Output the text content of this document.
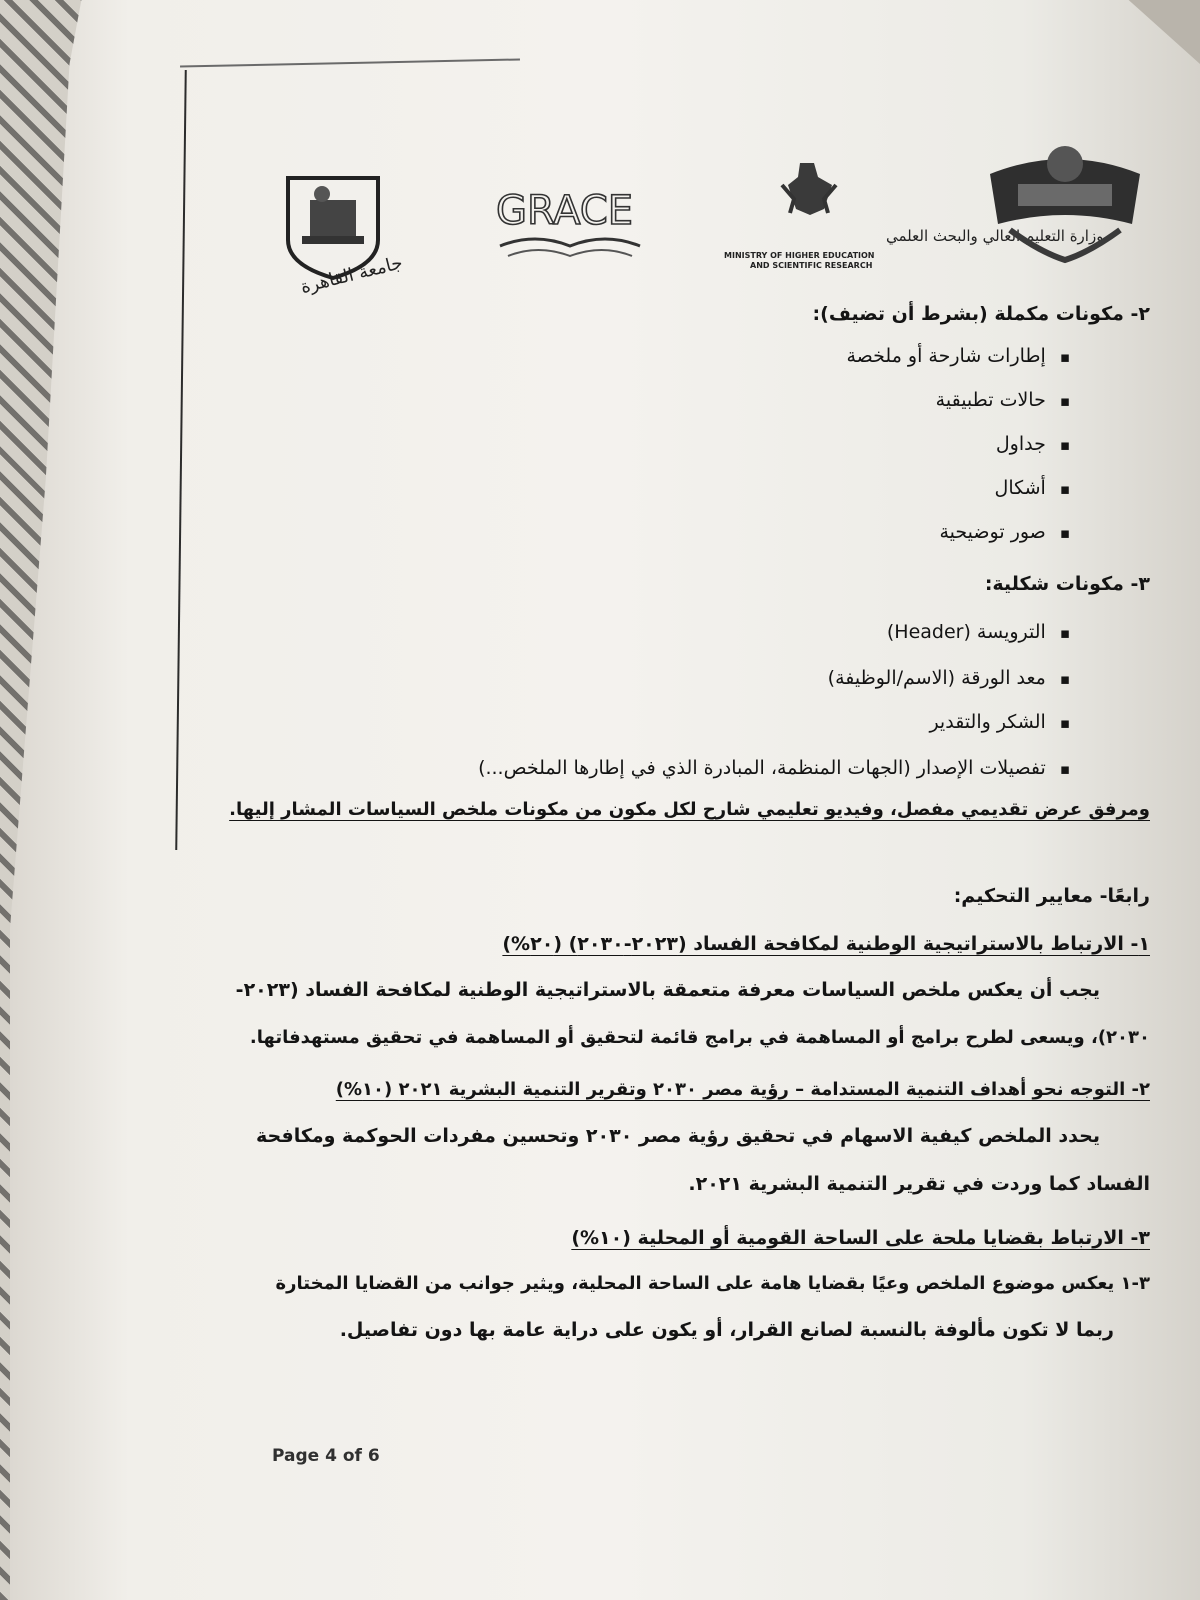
جامعة القاهرة
GRACE
وزارة التعليم العالي والبحث العلمي
MINISTRY OF HIGHER EDUCATION
AND SCIENTIFIC RESEARCH
٢- مكونات مكملة (بشرط أن تضيف):
▪ إطارات شارحة أو ملخصة
▪ حالات تطبيقية
▪ جداول
▪ أشكال
▪ صور توضيحية
٣- مكونات شكلية:
▪ الترويسة (Header)
▪ معد الورقة (الاسم/الوظيفة)
▪ الشكر والتقدير
▪ تفصيلات الإصدار (الجهات المنظمة، المبادرة الذي في إطارها الملخص...)
ومرفق عرض تقديمي مفصل، وفيديو تعليمي شارح لكل مكون من مكونات ملخص السياسات المشار إليها.
رابعًا- معايير التحكيم:
١- الارتباط بالاستراتيجية الوطنية لمكافحة الفساد (٢٠٢٣-٢٠٣٠) (٢٠%)
يجب أن يعكس ملخص السياسات معرفة متعمقة بالاستراتيجية الوطنية لمكافحة الفساد (٢٠٢٣-
٢٠٣٠)، ويسعى لطرح برامج أو المساهمة في برامج قائمة لتحقيق أو المساهمة في تحقيق مستهدفاتها.
٢- التوجه نحو أهداف التنمية المستدامة – رؤية مصر ٢٠٣٠ وتقرير التنمية البشرية ٢٠٢١ (١٠%)
يحدد الملخص كيفية الاسهام في تحقيق رؤية مصر ٢٠٣٠ وتحسين مفردات الحوكمة ومكافحة
الفساد كما وردت في تقرير التنمية البشرية ٢٠٢١.
٣- الارتباط بقضايا ملحة على الساحة القومية أو المحلية (١٠%)
٣-١ يعكس موضوع الملخص وعيًا بقضايا هامة على الساحة المحلية، ويثير جوانب من القضايا المختارة
ربما لا تكون مألوفة بالنسبة لصانع القرار، أو يكون على دراية عامة بها دون تفاصيل.
Page 4 of 6
